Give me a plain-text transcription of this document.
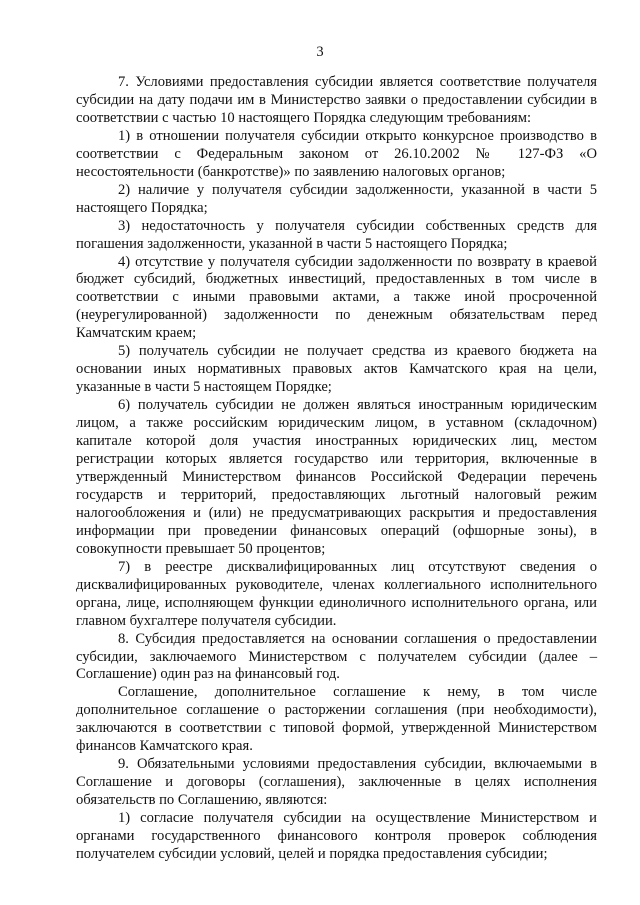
3

7. Условиями предоставления субсидии является соответствие получателя субсидии на дату подачи им в Министерство заявки о предоставлении субсидии в соответствии с частью 10 настоящего Порядка следующим требованиям:

1) в отношении получателя субсидии открыто конкурсное производство в соответствии с Федеральным законом от 26.10.2002 № 127-ФЗ «О несостоятельности (банкротстве)» по заявлению налоговых органов;

2) наличие у получателя субсидии задолженности, указанной в части 5 настоящего Порядка;

3) недостаточность у получателя субсидии собственных средств для погашения задолженности, указанной в части 5 настоящего Порядка;

4) отсутствие у получателя субсидии задолженности по возврату в краевой бюджет субсидий, бюджетных инвестиций, предоставленных в том числе в соответствии с иными правовыми актами, а также иной просроченной (неурегулированной) задолженности по денежным обязательствам перед Камчатским краем;

5) получатель субсидии не получает средства из краевого бюджета на основании иных нормативных правовых актов Камчатского края на цели, указанные в части 5 настоящем Порядке;

6) получатель субсидии не должен являться иностранным юридическим лицом, а также российским юридическим лицом, в уставном (складочном) капитале которой доля участия иностранных юридических лиц, местом регистрации которых является государство или территория, включенные в утвержденный Министерством финансов Российской Федерации перечень государств и территорий, предоставляющих льготный налоговый режим налогообложения и (или) не предусматривающих раскрытия и предоставления информации при проведении финансовых операций (офшорные зоны), в совокупности превышает 50 процентов;

7) в реестре дисквалифицированных лиц отсутствуют сведения о дисквалифицированных руководителе, членах коллегиального исполнительного органа, лице, исполняющем функции единоличного исполнительного органа, или главном бухгалтере получателя субсидии.

8. Субсидия предоставляется на основании соглашения о предоставлении субсидии, заключаемого Министерством с получателем субсидии (далее – Соглашение) один раз на финансовый год.

Соглашение, дополнительное соглашение к нему, в том числе дополнительное соглашение о расторжении соглашения (при необходимости), заключаются в соответствии с типовой формой, утвержденной Министерством финансов Камчатского края.

9. Обязательными условиями предоставления субсидии, включаемыми в Соглашение и договоры (соглашения), заключенные в целях исполнения обязательств по Соглашению, являются:

1) согласие получателя субсидии на осуществление Министерством и органами государственного финансового контроля проверок соблюдения получателем субсидии условий, целей и порядка предоставления субсидии;
